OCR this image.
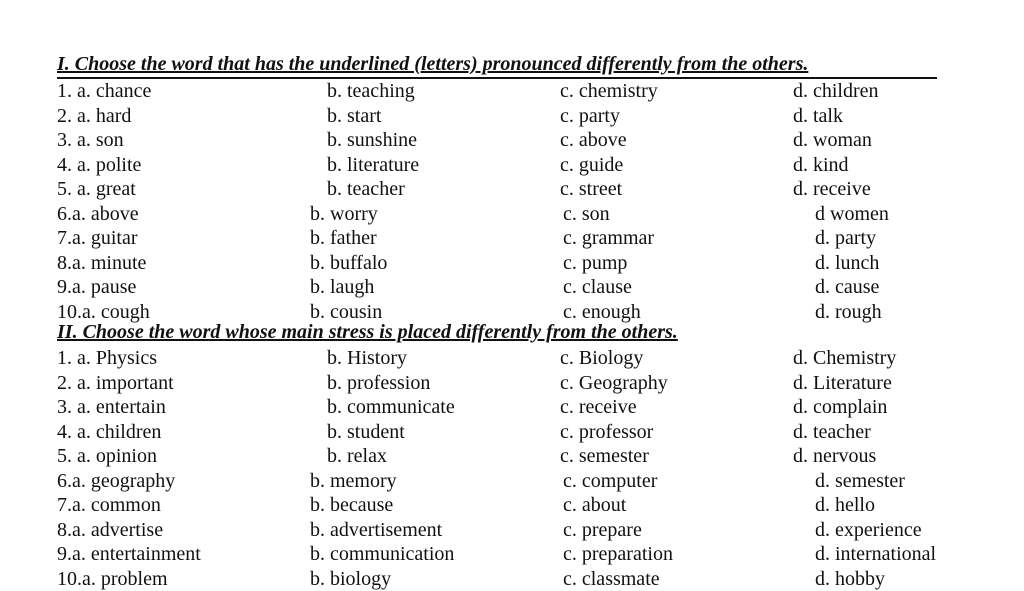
I. Choose the word that has the underlined (letters) pronounced differently from the others.
1. a. chance	b. teaching	c. chemistry	d. children
2. a. hard	b. start	c. party	d. talk
3. a. son	b. sunshine	c. above	d. woman
4. a. polite	b. literature	c. guide	d. kind
5. a. great	b. teacher	c. street	d. receive
6.a. above	b. worry	c. son	d women
7.a. guitar	b. father	c. grammar	d. party
8.a. minute	b. buffalo	c. pump	d. lunch
9.a. pause	b. laugh	c. clause	d. cause
10.a. cough	b. cousin	c. enough	d. rough
II. Choose the word whose main stress is placed differently from the others.
1. a. Physics	b. History	c. Biology	d. Chemistry
2. a. important	b. profession	c. Geography	d. Literature
3. a. entertain	b. communicate	c. receive	d. complain
4. a. children	b. student	c. professor	d. teacher
5. a. opinion	b. relax	c. semester	d. nervous
6.a. geography	b. memory	c. computer	d. semester
7.a. common	b. because	c. about	d. hello
8.a. advertise	b. advertisement	c. prepare	d. experience
9.a. entertainment	b. communication	c. preparation	d. international
10.a. problem	b. biology	c. classmate	d. hobby
